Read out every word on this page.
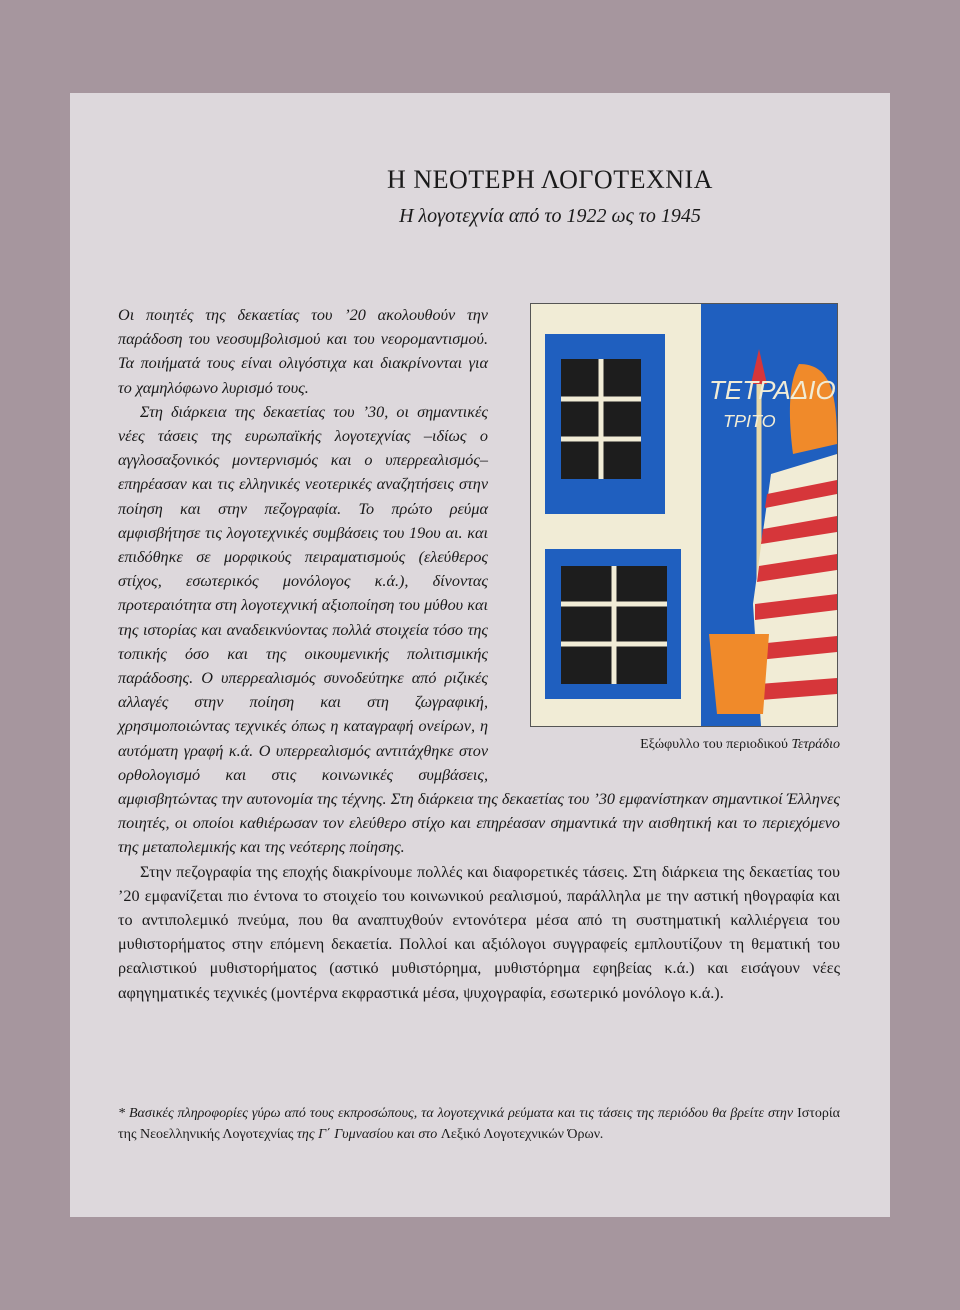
Η ΝΕΟΤΕΡΗ ΛΟΓΟΤΕΧΝΙΑ
Η λογοτεχνία από το 1922 ως το 1945
ΤΕΤΡΑΔΙΟ
ΤΡΙΤΟ
Εξώφυλλο του περιοδικού Τετράδιο

Οι ποιητές της δεκαετίας του ’20 ακολουθούν την παράδοση του νεοσυμβολισμού και του νεορομαντισμού. Τα ποιήματά τους είναι ολιγόστιχα και διακρίνονται για το χαμηλόφωνο λυρισμό τους.

Στη διάρκεια της δεκαετίας του ’30, οι σημαντικές νέες τάσεις της ευρωπαϊκής λογοτεχνίας –ιδίως ο αγγλοσαξονικός μοντερνισμός και ο υπερρεαλισμός– επηρέασαν και τις ελληνικές νεοτερικές αναζητήσεις στην ποίηση και στην πεζογραφία. Το πρώτο ρεύμα αμφισβήτησε τις λογοτεχνικές συμβάσεις του 19ου αι. και επιδόθηκε σε μορφικούς πειραματισμούς (ελεύθερος στίχος, εσωτερικός μονόλογος κ.ά.), δίνοντας προτεραιότητα στη λογοτεχνική αξιοποίηση του μύθου και της ιστορίας και αναδεικνύοντας πολλά στοιχεία τόσο της τοπικής όσο και της οικουμενικής πολιτισμικής παράδοσης. Ο υπερρεαλισμός συνοδεύτηκε από ριζικές αλλαγές στην ποίηση και στη ζωγραφική, χρησιμοποιώντας τεχνικές όπως η καταγραφή ονείρων, η αυτόματη γραφή κ.ά. Ο υπερρεαλισμός αντιτάχθηκε στον ορθολογισμό και στις κοινωνικές συμβάσεις, αμφισβητώντας την αυτονομία της τέχνης. Στη διάρκεια της δεκαετίας του ’30 εμφανίστηκαν σημαντικοί Έλληνες ποιητές, οι οποίοι καθιέρωσαν τον ελεύθερο στίχο και επηρέασαν σημαντικά την αισθητική και το περιεχόμενο της μεταπολεμικής και της νεότερης ποίησης.

Στην πεζογραφία της εποχής διακρίνουμε πολλές και διαφορετικές τάσεις. Στη διάρκεια της δεκαετίας του ’20 εμφανίζεται πιο έντονα το στοιχείο του κοινωνικού ρεαλισμού, παράλληλα με την αστική ηθογραφία και το αντιπολεμικό πνεύμα, που θα αναπτυχθούν εντονότερα μέσα από τη συστηματική καλλιέργεια του μυθιστορήματος στην επόμενη δεκαετία. Πολλοί και αξιόλογοι συγγραφείς εμπλουτίζουν τη θεματική του ρεαλιστικού μυθιστορήματος (αστικό μυθιστόρημα, μυθιστόρημα εφηβείας κ.ά.) και εισάγουν νέες αφηγηματικές τεχνικές (μοντέρνα εκφραστικά μέσα, ψυχογραφία, εσωτερικό μονόλογο κ.ά.).

* Βασικές πληροφορίες γύρω από τους εκπροσώπους, τα λογοτεχνικά ρεύματα και τις τάσεις της περιόδου θα βρείτε στην Ιστορία της Νεοελληνικής Λογοτεχνίας της Γ΄ Γυμνασίου και στο Λεξικό Λογοτεχνικών Όρων.
